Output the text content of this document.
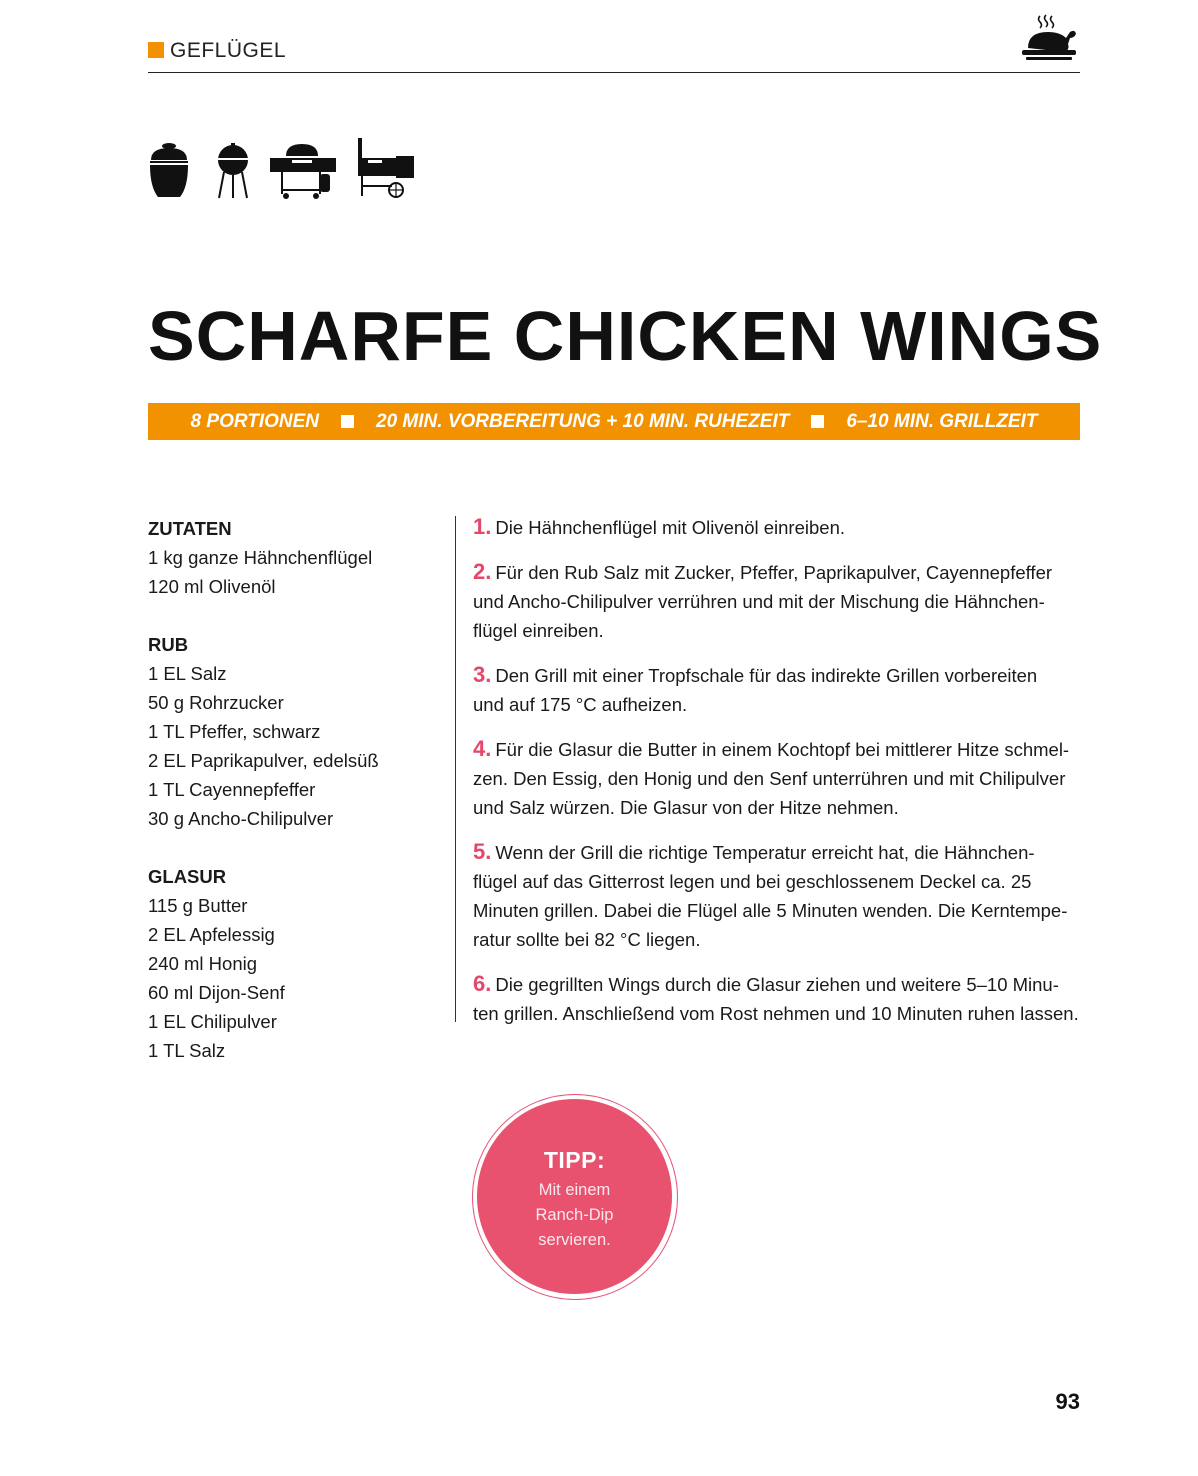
GEFLÜGEL
SCHARFE CHICKEN WINGS
8 PORTIONEN	20 MIN. VORBEREITUNG + 10 MIN. RUHEZEIT	6–10 MIN. GRILLZEIT
ZUTATEN
1 kg ganze Hähnchenflügel
120 ml Olivenöl
RUB
1 EL Salz
50 g Rohrzucker
1 TL Pfeffer, schwarz
2 EL Paprikapulver, edelsüß
1 TL Cayennepfeffer
30 g Ancho-Chilipulver
GLASUR
115 g Butter
2 EL Apfelessig
240 ml Honig
60 ml Dijon-Senf
1 EL Chilipulver
1 TL Salz
1. Die Hähnchenflügel mit Olivenöl einreiben.
2. Für den Rub Salz mit Zucker, Pfeffer, Paprikapulver, Cayennepfeffer
und Ancho-Chilipulver verrühren und mit der Mischung die Hähnchen-
flügel einreiben.
3. Den Grill mit einer Tropfschale für das indirekte Grillen vorbereiten
und auf 175 °C aufheizen.
4. Für die Glasur die Butter in einem Kochtopf bei mittlerer Hitze schmel-
zen. Den Essig, den Honig und den Senf unterrühren und mit Chilipulver
und Salz würzen. Die Glasur von der Hitze nehmen.
5. Wenn der Grill die richtige Temperatur erreicht hat, die Hähnchen-
flügel auf das Gitterrost legen und bei geschlossenem Deckel ca. 25
Minuten grillen. Dabei die Flügel alle 5 Minuten wenden. Die Kerntempe-
ratur sollte bei 82 °C liegen.
6. Die gegrillten Wings durch die Glasur ziehen und weitere 5–10 Minu-
ten grillen. Anschließend vom Rost nehmen und 10 Minuten ruhen lassen.
TIPP:
Mit einem
Ranch-Dip
servieren.
93
